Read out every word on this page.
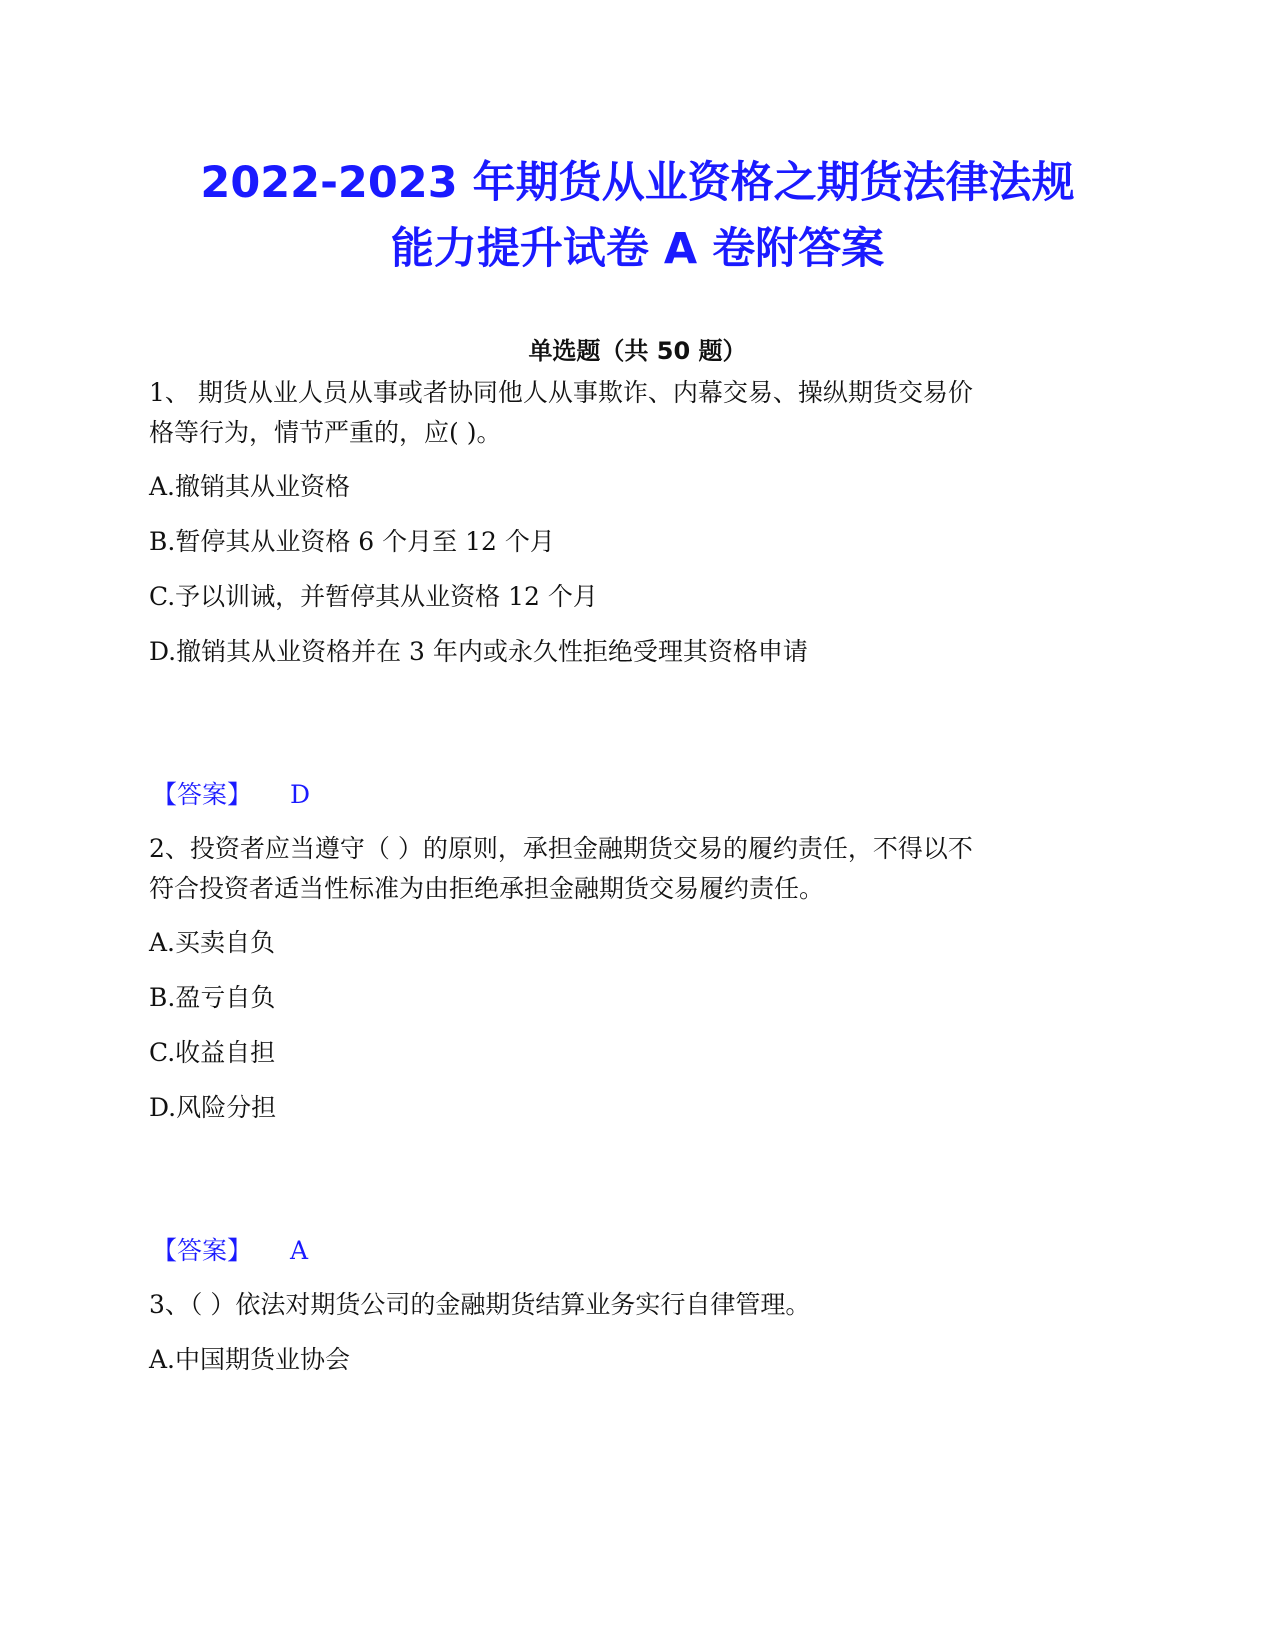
2022-2023 年期货从业资格之期货法律法规
能力提升试卷 A 卷附答案
单选题（共 50 题）
1、 期货从业人员从事或者协同他人从事欺诈、内幕交易、操纵期货交易价
格等行为，情节严重的，应( )。
A.撤销其从业资格
B.暂停其从业资格 6 个月至 12 个月
C.予以训诫，并暂停其从业资格 12 个月
D.撤销其从业资格并在 3 年内或永久性拒绝受理其资格申请
【答案】 D
2、投资者应当遵守（ ）的原则，承担金融期货交易的履约责任，不得以不
符合投资者适当性标准为由拒绝承担金融期货交易履约责任。
A.买卖自负
B.盈亏自负
C.收益自担
D.风险分担
【答案】 A
3、（ ）依法对期货公司的金融期货结算业务实行自律管理。
A.中国期货业协会
